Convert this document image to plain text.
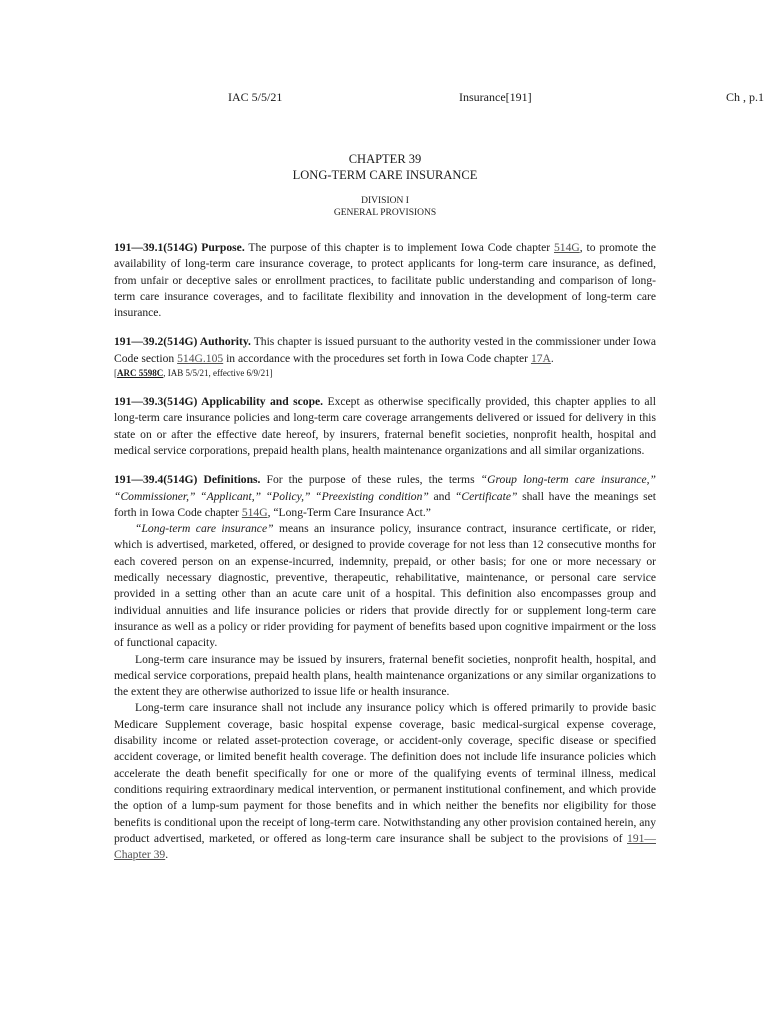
IAC 5/5/21	Insurance[191]	Ch , p.1
CHAPTER 39
LONG-TERM CARE INSURANCE
DIVISION I
GENERAL PROVISIONS

191—39.1(514G) Purpose. The purpose of this chapter is to implement Iowa Code chapter 514G, to promote the availability of long-term care insurance coverage, to protect applicants for long-term care insurance, as defined, from unfair or deceptive sales or enrollment practices, to facilitate public understanding and comparison of long-term care insurance coverages, and to facilitate flexibility and innovation in the development of long-term care insurance.

191—39.2(514G) Authority. This chapter is issued pursuant to the authority vested in the commissioner under Iowa Code section 514G.105 in accordance with the procedures set forth in Iowa Code chapter 17A.

[ARC 5598C, IAB 5/5/21, effective 6/9/21]

191—39.3(514G) Applicability and scope. Except as otherwise specifically provided, this chapter applies to all long-term care insurance policies and long-term care coverage arrangements delivered or issued for delivery in this state on or after the effective date hereof, by insurers, fraternal benefit societies, nonprofit health, hospital and medical service corporations, prepaid health plans, health maintenance organizations and all similar organizations.

191—39.4(514G) Definitions. For the purpose of these rules, the terms “Group long-term care insurance,” “Commissioner,” “Applicant,” “Policy,” “Preexisting condition” and “Certificate” shall have the meanings set forth in Iowa Code chapter 514G, “Long-Term Care Insurance Act.”

“Long-term care insurance” means an insurance policy, insurance contract, insurance certificate, or rider, which is advertised, marketed, offered, or designed to provide coverage for not less than 12 consecutive months for each covered person on an expense-incurred, indemnity, prepaid, or other basis; for one or more necessary or medically necessary diagnostic, preventive, therapeutic, rehabilitative, maintenance, or personal care service provided in a setting other than an acute care unit of a hospital. This definition also encompasses group and individual annuities and life insurance policies or riders that provide directly for or supplement long-term care insurance as well as a policy or rider providing for payment of benefits based upon cognitive impairment or the loss of functional capacity.

Long-term care insurance may be issued by insurers, fraternal benefit societies, nonprofit health, hospital, and medical service corporations, prepaid health plans, health maintenance organizations or any similar organizations to the extent they are otherwise authorized to issue life or health insurance.

Long-term care insurance shall not include any insurance policy which is offered primarily to provide basic Medicare Supplement coverage, basic hospital expense coverage, basic medical-surgical expense coverage, disability income or related asset-protection coverage, or accident-only coverage, specific disease or specified accident coverage, or limited benefit health coverage. The definition does not include life insurance policies which accelerate the death benefit specifically for one or more of the qualifying events of terminal illness, medical conditions requiring extraordinary medical intervention, or permanent institutional confinement, and which provide the option of a lump-sum payment for those benefits and in which neither the benefits nor eligibility for those benefits is conditional upon the receipt of long-term care. Notwithstanding any other provision contained herein, any product advertised, marketed, or offered as long-term care insurance shall be subject to the provisions of 191—Chapter 39.
